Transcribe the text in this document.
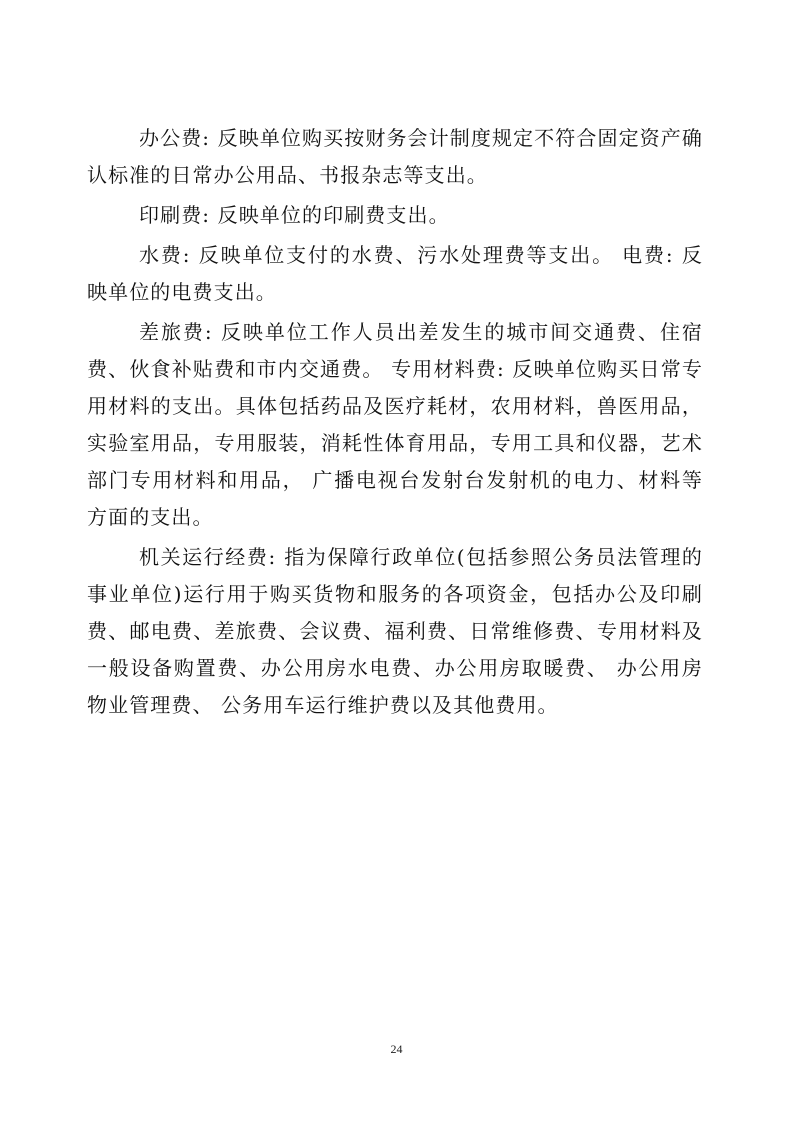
办公费: 反映单位购买按财务会计制度规定不符合固定资产确认标准的日常办公用品、书报杂志等支出。

印刷费: 反映单位的印刷费支出。

水费: 反映单位支付的水费、污水处理费等支出。 电费: 反映单位的电费支出。

差旅费: 反映单位工作人员出差发生的城市间交通费、住宿费、伙食补贴费和市内交通费。 专用材料费: 反映单位购买日常专用材料的支出。具体包括药品及医疗耗材，农用材料，兽医用品，实验室用品，专用服装，消耗性体育用品，专用工具和仪器，艺术部门专用材料和用品， 广播电视台发射台发射机的电力、材料等方面的支出。

机关运行经费: 指为保障行政单位(包括参照公务员法管理的事业单位)运行用于购买货物和服务的各项资金，包括办公及印刷费、邮电费、差旅费、会议费、福利费、日常维修费、专用材料及一般设备购置费、办公用房水电费、办公用房取暖费、 办公用房物业管理费、 公务用车运行维护费以及其他费用。

24
